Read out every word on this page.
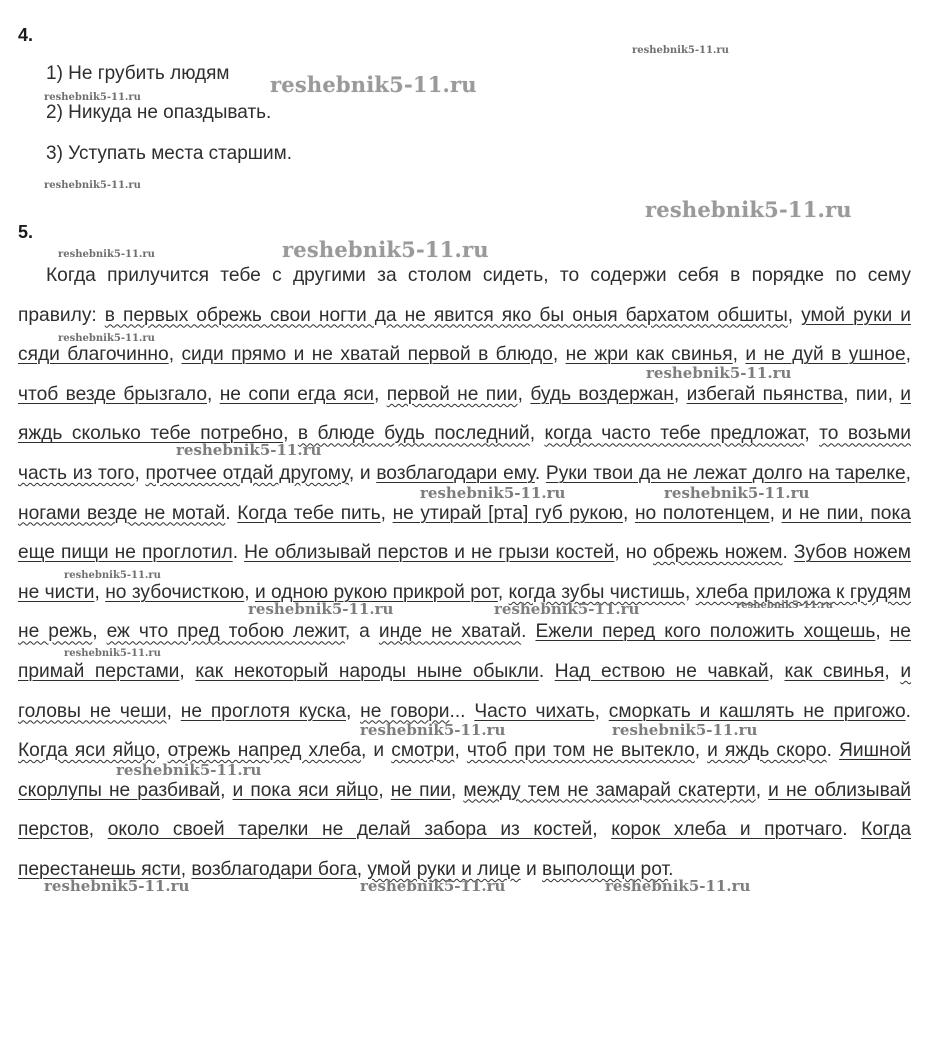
4.
1) Не грубить людям
2) Никуда не опаздывать.
3) Уступать места старшим.
5.

Когда прилучится тебе с другими за столом сидеть, то содержи себя в порядке по сему правилу: в первых обрежь свои ногти да не явится яко бы оныя бархатом обшиты, умой руки и сяди благочинно, сиди прямо и не хватай первой в блюдо, не жри как свинья, и не дуй в ушное, чтоб везде брызгало, не сопи егда яси, первой не пии, будь воздержан, избегай пьянства, пии, и яждь сколько тебе потребно, в блюде будь последний, когда часто тебе предложат, то возьми часть из того, протчее отдай другому, и возблагодари ему. Руки твои да не лежат долго на тарелке, ногами везде не мотай. Когда тебе пить, не утирай [рта] губ рукою, но полотенцем, и не пии, пока еще пищи не проглотил. Не облизывай перстов и не грызи костей, но обрежь ножем. Зубов ножем не чисти, но зубочисткою, и одною рукою прикрой рот, когда зубы чистишь, хлеба приложа к грудям не режь, еж что пред тобою лежит, а инде не хватай. Ежели перед кого положить хощешь, не примай перстами, как некоторый народы ныне обыкли. Над ествою не чавкай, как свинья, и головы не чеши, не проглотя куска, не говори... Часто чихать, сморкать и кашлять не пригожо. Когда яси яйцо, отрежь напред хлеба, и смотри, чтоб при том не вытекло, и яждь скоро. Яишной скорлупы не разбивай, и пока яси яйцо, не пии, между тем не замарай скатерти, и не облизывай перстов, около своей тарелки не делай забора из костей, корок хлеба и протчаго. Когда перестанешь ясти, возблагодари бога, умой руки и лице и выполощи рот.

reshebnik5-11.ru
reshebnik5-11.ru
reshebnik5-11.ru
reshebnik5-11.ru
reshebnik5-11.ru
reshebnik5-11.ru	reshebnik5-11.ru
reshebnik5-11.ru	reshebnik5-11.ru
reshebnik5-11.ru	reshebnik5-11.ru
reshebnik5-11.ru
reshebnik5-11.ru	reshebnik5-11.ru	reshebnik5-11.ru
reshebnik5-11.ru
reshebnik5-11.ru
reshebnik5-11.ru
reshebnik5-11.ru
reshebnik5-11.ru
reshebnik5-11.ru
reshebnik5-11.ru
reshebnik5-11.ru
